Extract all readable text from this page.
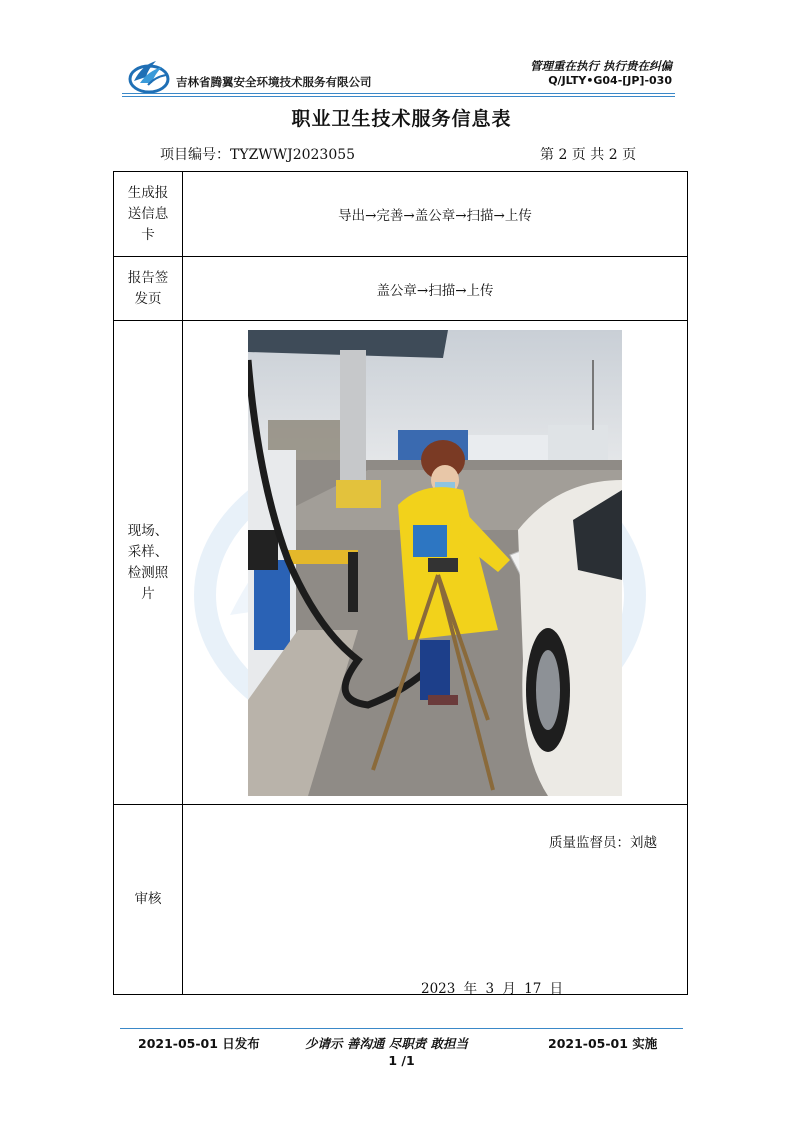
吉林省腾翼安全环境技术服务有限公司
管理重在执行 执行贵在纠偏
Q/JLTY•G04-[JP]-030
职业卫生技术服务信息表
项目编号：TYZWWJ2023055	第 2 页 共 2 页
生成报送信息卡	导出→完善→盖公章→扫描→上传
报告签发页	盖公章→扫描→上传
现场、采样、检测照片	

审核	质量监督员：刘越
2023 年 3 月 17 日
2021-05-01 日发布	少请示 善沟通 尽职责 敢担当	2021-05-01 实施
1 /1
